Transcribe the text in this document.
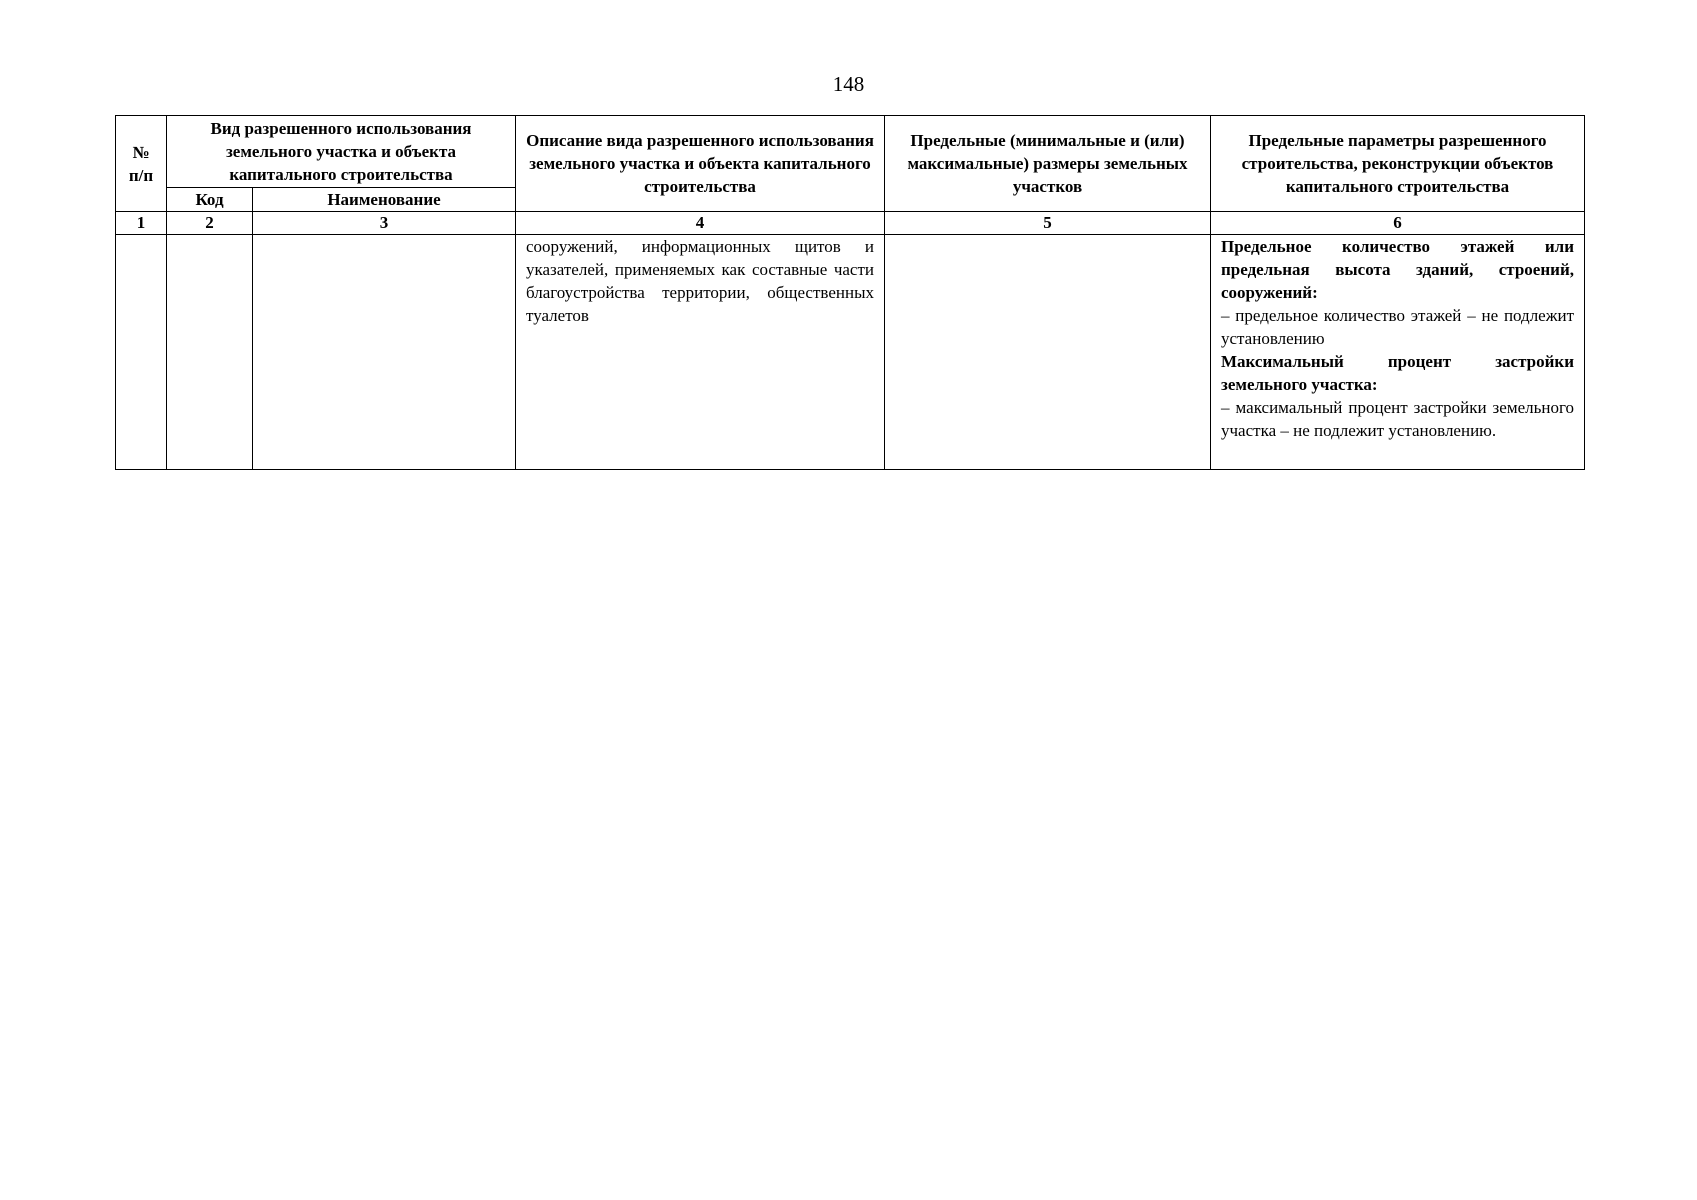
148
№ п/п	Вид разрешенного использования земельного участка и объекта капитального строительства		Описание вида разрешенного использования земельного участка и объекта капитального строительства	Предельные (минимальные и (или) максимальные) размеры земельных участков	Предельные параметры разрешенного строительства, реконструкции объектов капитального строительства
	Код	Наименование			
1	2	3	4	5	6
			сооружений, информационных щитов и указателей, применяемых как составные части благоустройства территории, общественных туалетов		Предельное количество этажей или предельная высота зданий, строений, сооружений:
– предельное количество этажей – не подлежит установлению
Максимальный процент застройки земельного участка:
– максимальный процент застройки земельного участка – не подлежит установлению.
